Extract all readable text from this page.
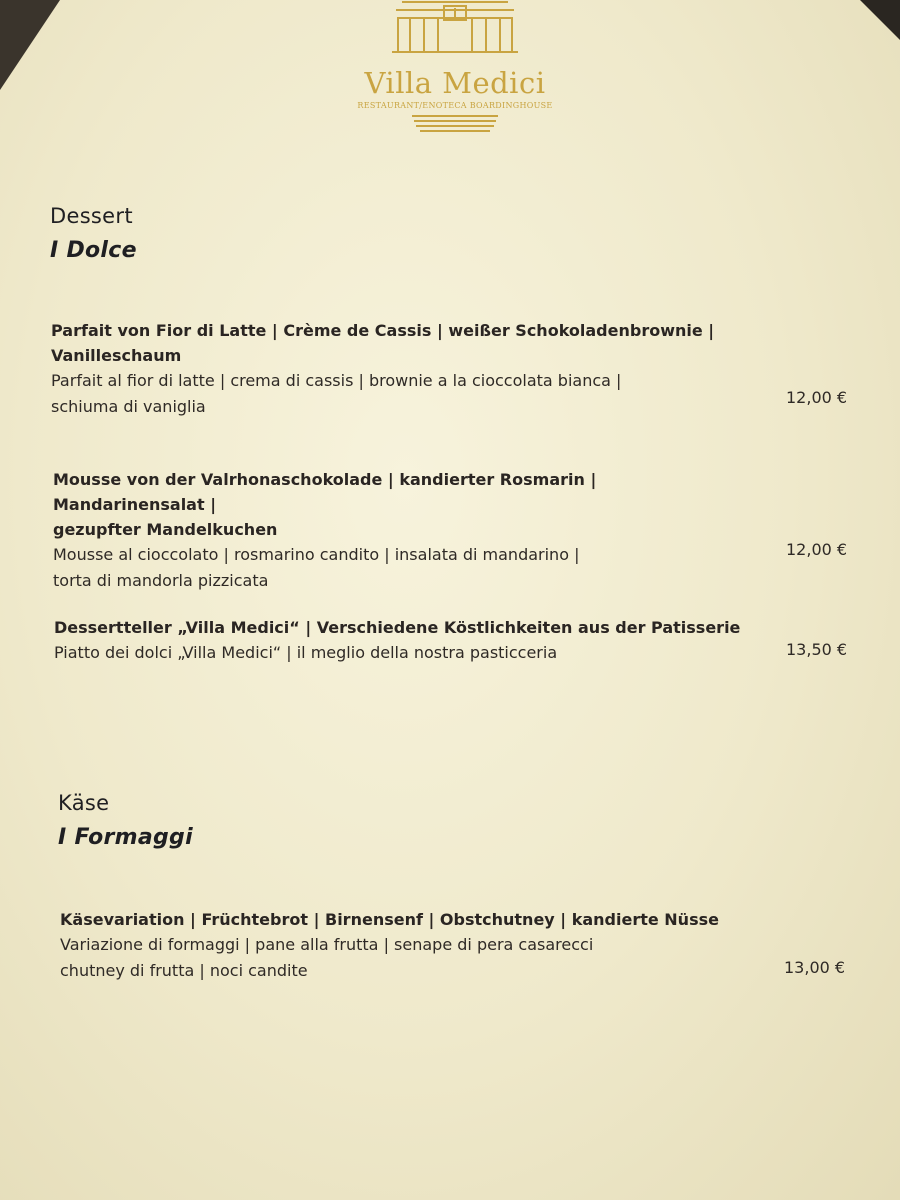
Villa Medici
RESTAURANT/ENOTECA BOARDINGHOUSE
Dessert
I Dolce
Parfait von Fior di Latte | Crème de Cassis | weißer Schokoladenbrownie |
Vanilleschaum
Parfait al fior di latte | crema di cassis | brownie a la cioccolata bianca |
schiuma di vaniglia	12,00 €
Mousse von der Valrhonaschokolade | kandierter Rosmarin | Mandarinensalat |
gezupfter Mandelkuchen
Mousse al cioccolato | rosmarino candito | insalata di mandarino |
torta di mandorla pizzicata
12,00 €
Dessertteller „Villa Medici“ | Verschiedene Köstlichkeiten aus der Patisserie
Piatto dei dolci „Villa Medici“ | il meglio della nostra pasticceria	13,50 €
Käse
I Formaggi
Käsevariation | Früchtebrot | Birnensenf | Obstchutney | kandierte Nüsse
Variazione di formaggi | pane alla frutta | senape di pera casarecci
chutney di frutta | noci candite	13,00 €
